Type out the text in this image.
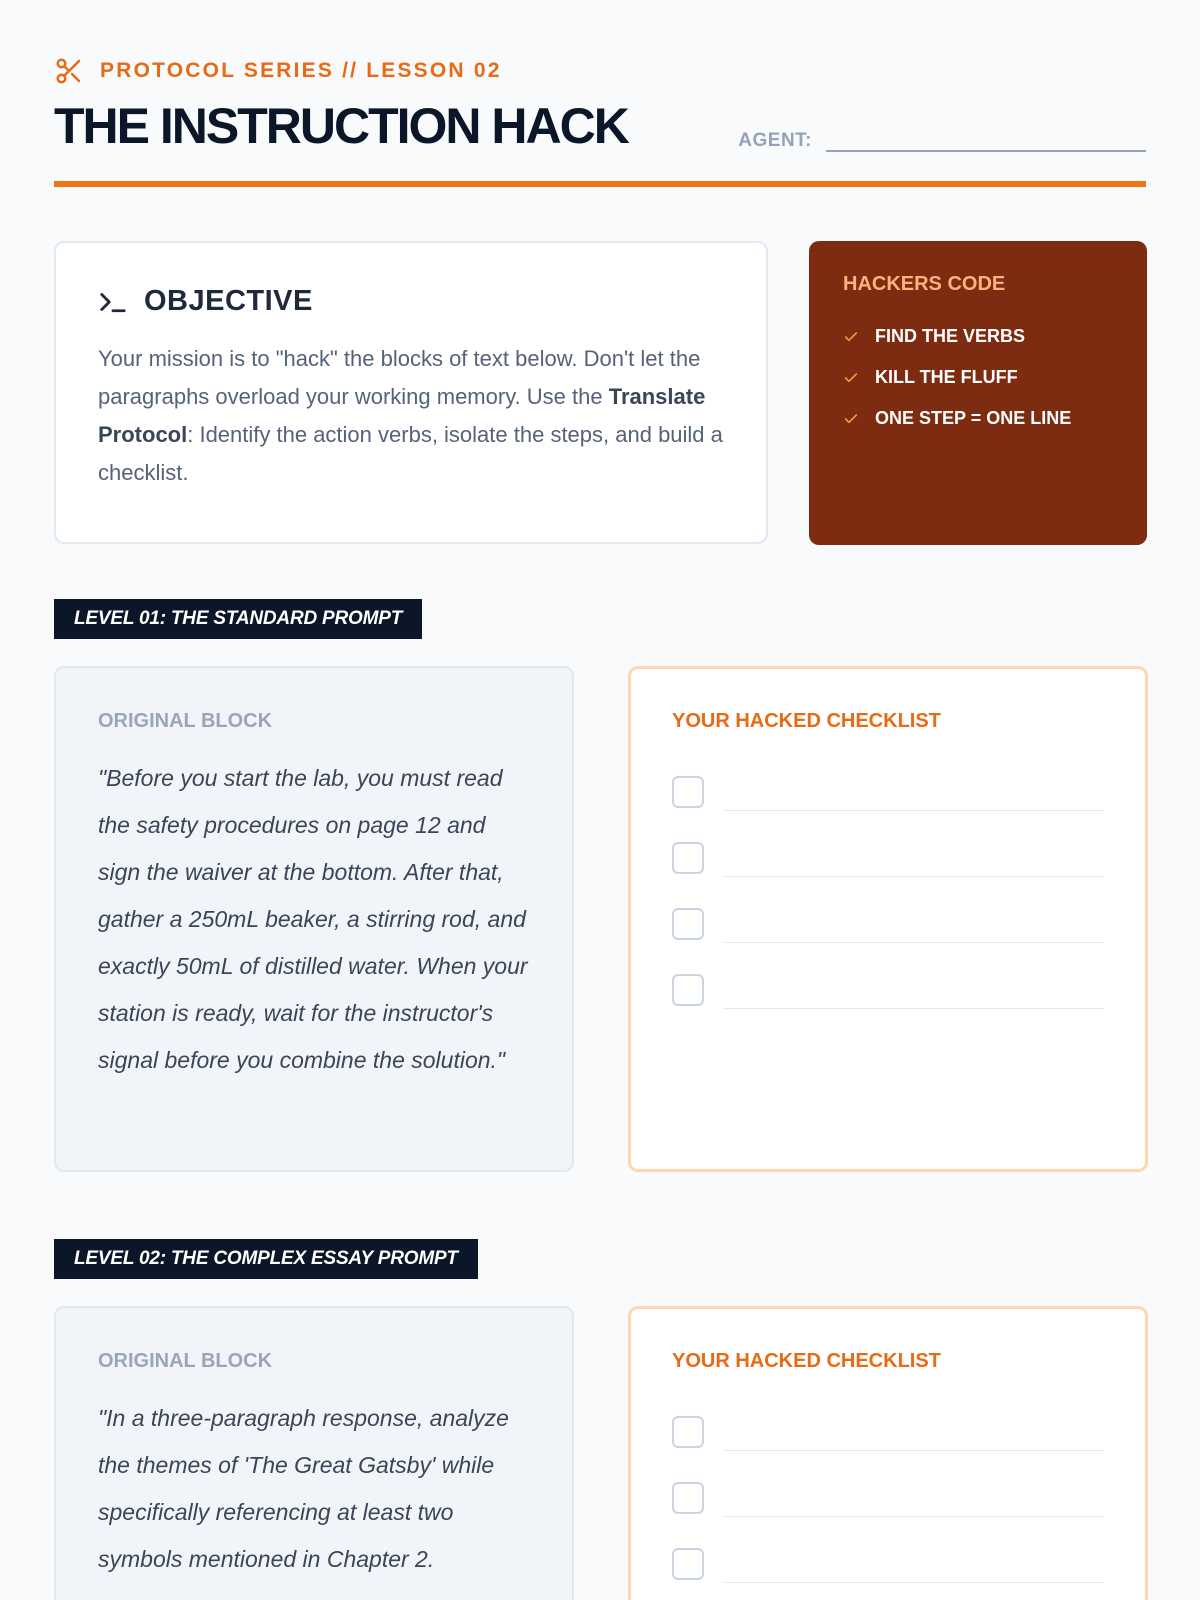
PROTOCOL SERIES // LESSON 02
THE INSTRUCTION HACK	AGENT:
OBJECTIVE

Your mission is to "hack" the blocks of text below. Don't let the paragraphs overload your working memory. Use the Translate Protocol: Identify the action verbs, isolate the steps, and build a checklist.

HACKERS CODE
FIND THE VERBS
KILL THE FLUFF
ONE STEP = ONE LINE
LEVEL 01: THE STANDARD PROMPT
ORIGINAL BLOCK

"Before you start the lab, you must read the safety procedures on page 12 and sign the waiver at the bottom. After that, gather a 250mL beaker, a stirring rod, and exactly 50mL of distilled water. When your station is ready, wait for the instructor's signal before you combine the solution."

YOUR HACKED CHECKLIST
LEVEL 02: THE COMPLEX ESSAY PROMPT
ORIGINAL BLOCK

"In a three-paragraph response, analyze the themes of 'The Great Gatsby' while specifically referencing at least two symbols mentioned in Chapter 2.

YOUR HACKED CHECKLIST
